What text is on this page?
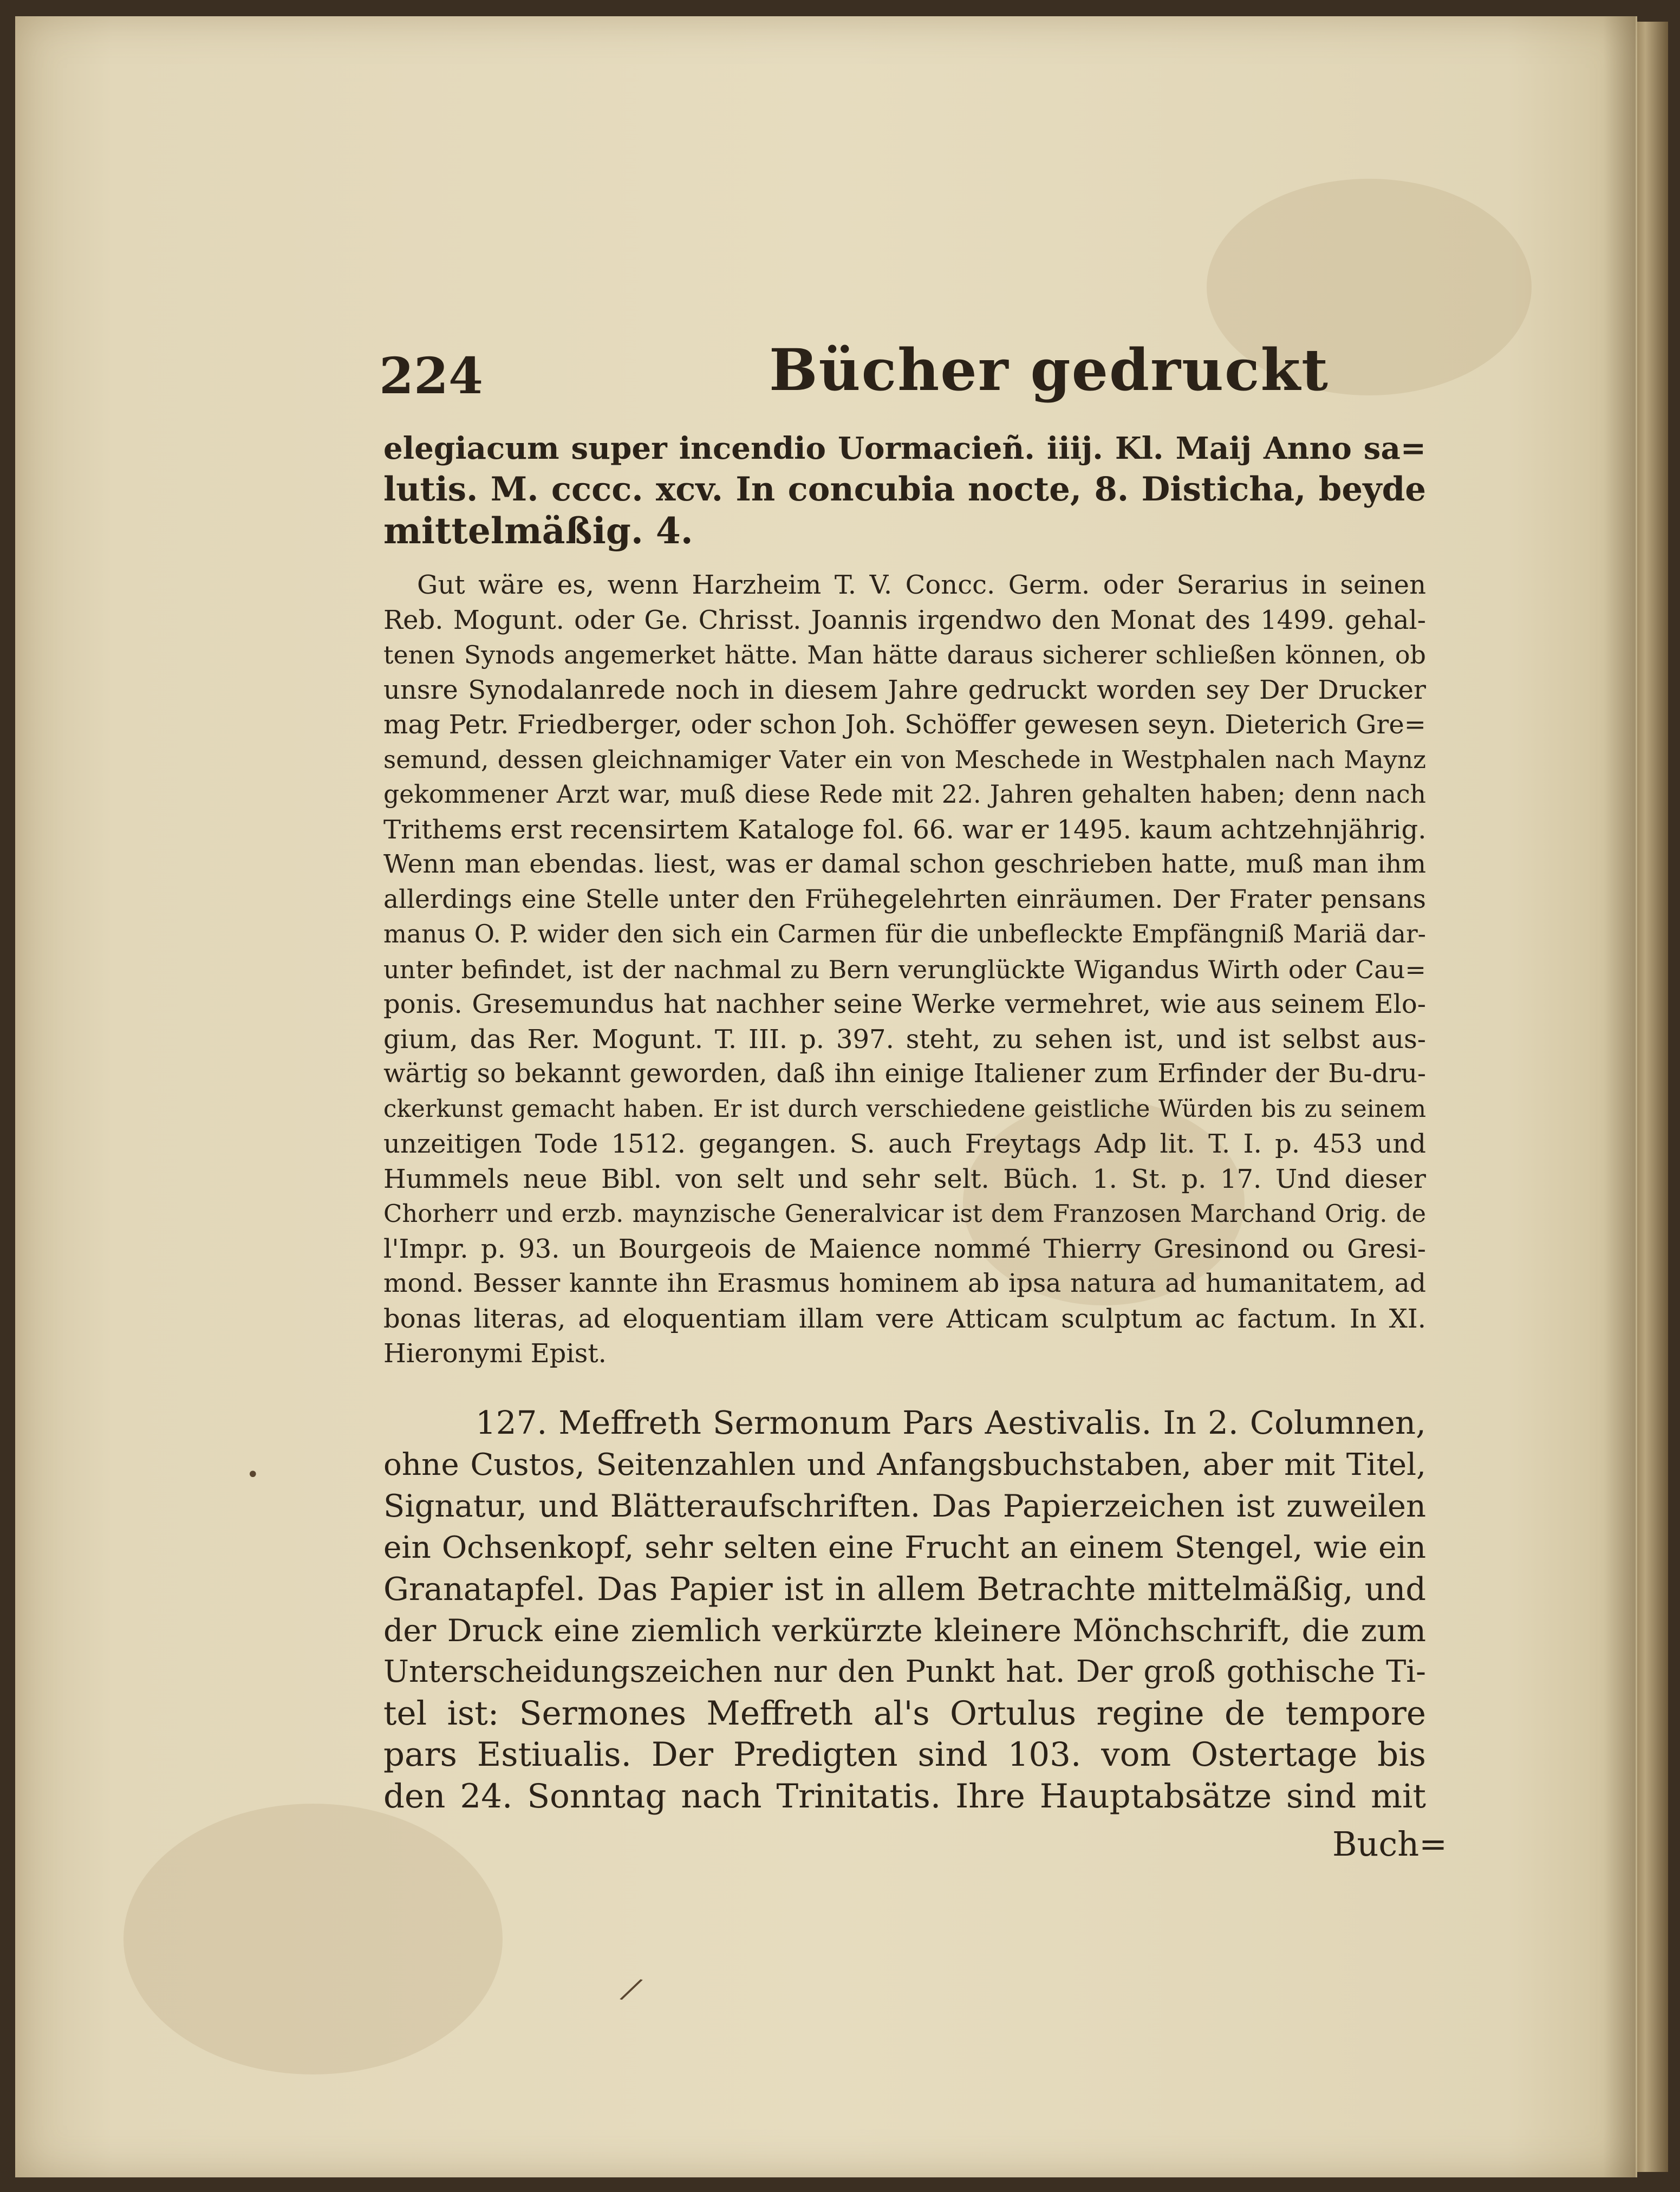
224	Bücher gedruckt
elegiacum super incendio Uormacieñ. iiij. Kl. Maij Anno sa=
lutis. M. cccc. xcv. In concubia nocte, 8. Disticha, beyde
mittelmäßig. 4.
Gut wäre es, wenn Harzheim T. V. Concc. Germ. oder Serarius in seinen
Reb. Mogunt. oder Ge. Chrisst. Joannis irgendwo den Monat des 1499. gehal-
tenen Synods angemerket hätte. Man hätte daraus sicherer schließen können, ob
unsre Synodalanrede noch in diesem Jahre gedruckt worden sey Der Drucker
mag Petr. Friedberger, oder schon Joh. Schöffer gewesen seyn. Dieterich Gre=
semund, dessen gleichnamiger Vater ein von Meschede in Westphalen nach Maynz
gekommener Arzt war, muß diese Rede mit 22. Jahren gehalten haben; denn nach
Trithems erst recensirtem Kataloge fol. 66. war er 1495. kaum achtzehnjährig.
Wenn man ebendas. liest, was er damal schon geschrieben hatte, muß man ihm
allerdings eine Stelle unter den Frühegelehrten einräumen. Der Frater pensans
manus O. P. wider den sich ein Carmen für die unbefleckte Empfängniß Mariä dar-
unter befindet, ist der nachmal zu Bern verunglückte Wigandus Wirth oder Cau=
ponis. Gresemundus hat nachher seine Werke vermehret, wie aus seinem Elo-
gium, das Rer. Mogunt. T. III. p. 397. steht, zu sehen ist, und ist selbst aus-
wärtig so bekannt geworden, daß ihn einige Italiener zum Erfinder der Bu-dru-
ckerkunst gemacht haben. Er ist durch verschiedene geistliche Würden bis zu seinem
unzeitigen Tode 1512. gegangen. S. auch Freytags Adp lit. T. I. p. 453 und
Hummels neue Bibl. von selt und sehr selt. Büch. 1. St. p. 17. Und dieser
Chorherr und erzb. maynzische Generalvicar ist dem Franzosen Marchand Orig. de
l'Impr. p. 93. un Bourgeois de Maience nommé Thierry Gresinond ou Gresi-
mond. Besser kannte ihn Erasmus hominem ab ipsa natura ad humanitatem, ad
bonas literas, ad eloquentiam illam vere Atticam sculptum ac factum. In XI.
Hieronymi Epist.
127. Meffreth Sermonum Pars Aestivalis. In 2. Columnen,
ohne Custos, Seitenzahlen und Anfangsbuchstaben, aber mit Titel,
Signatur, und Blätteraufschriften. Das Papierzeichen ist zuweilen
ein Ochsenkopf, sehr selten eine Frucht an einem Stengel, wie ein
Granatapfel. Das Papier ist in allem Betrachte mittelmäßig, und
der Druck eine ziemlich verkürzte kleinere Mönchschrift, die zum
Unterscheidungszeichen nur den Punkt hat. Der groß gothische Ti-
tel ist: Sermones Meffreth al's Ortulus regine de tempore
pars Estiualis. Der Predigten sind 103. vom Ostertage bis
den 24. Sonntag nach Trinitatis. Ihre Hauptabsätze sind mit
Buch=
•
⁄
